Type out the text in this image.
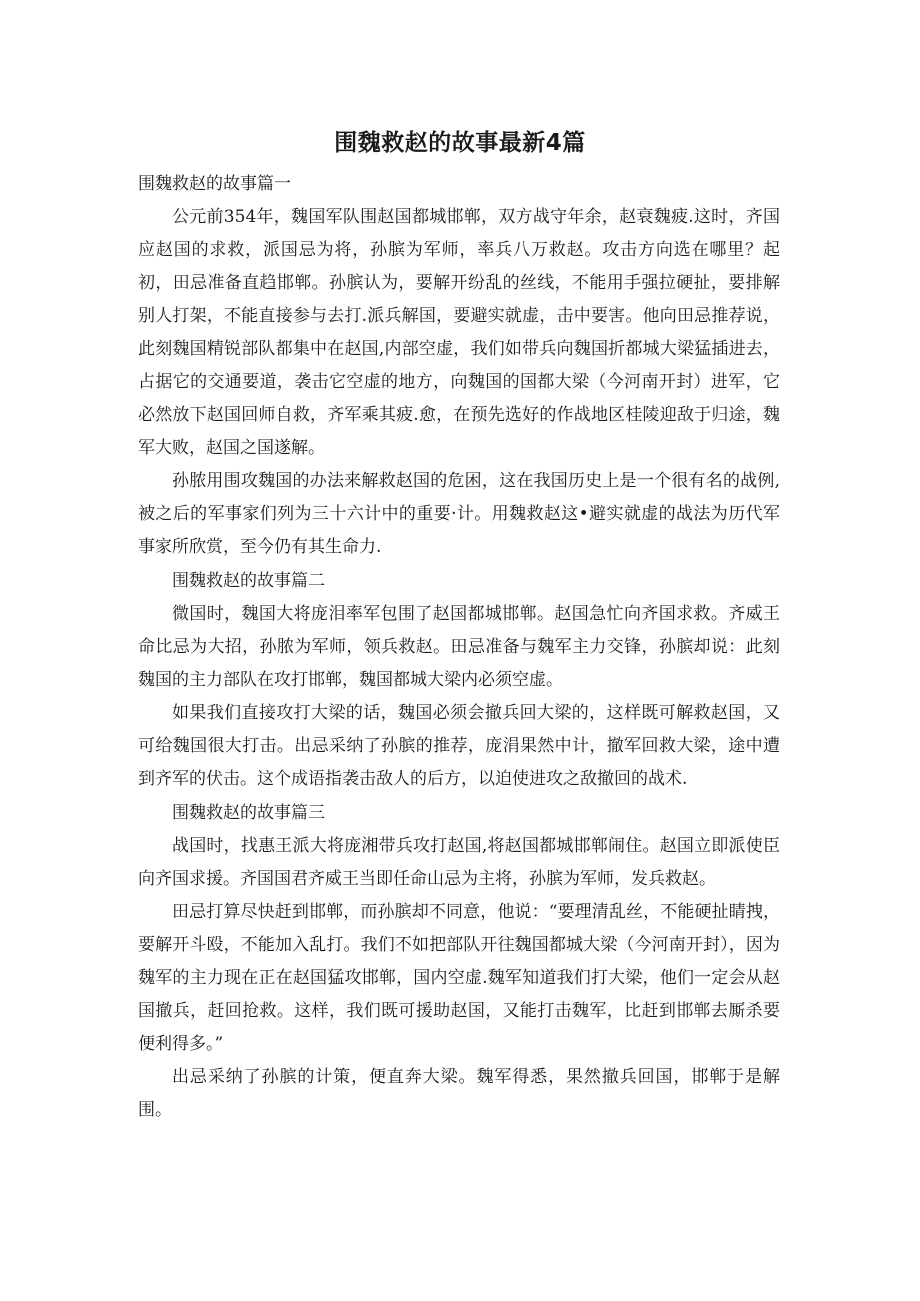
围魏救赵的故事最新4篇

围魏救赵的故事篇一

公元前354年，魏国军队围赵国都城邯郸，双方战守年余，赵衰魏疲.这时，齐国应赵国的求救，派国忌为将，孙膑为军师，率兵八万救赵。攻击方向选在哪里？起初，田忌准备直趋邯郸。孙膑认为，要解开纷乱的丝线，不能用手强拉硬扯，要排解别人打架，不能直接参与去打.派兵解国，要避实就虚，击中要害。他向田忌推荐说，此刻魏国精锐部队都集中在赵国,内部空虚，我们如带兵向魏国折都城大梁猛插进去，占据它的交通要道，袭击它空虚的地方，向魏国的国都大梁（今河南开封）进军，它必然放下赵国回师自救，齐军乘其疲.愈，在预先选好的作战地区桂陵迎敌于归途，魏军大败，赵国之国遂解。

孙脓用围攻魏国的办法来解救赵国的危困，这在我国历史上是一个很有名的战例,被之后的军事家们列为三十六计中的重要·计。用魏救赵这•避实就虚的战法为历代军事家所欣赏，至今仍有其生命力.

围魏救赵的故事篇二

微国时，魏国大将庞泪率军包围了赵国都城邯郸。赵国急忙向齐国求救。齐威王命比忌为大招，孙脓为军师，领兵救赵。田忌准备与魏军主力交锋，孙膑却说：此刻魏国的主力部队在攻打邯郸，魏国都城大梁内必须空虚。

如果我们直接攻打大梁的话，魏国必须会撤兵回大梁的，这样既可解救赵国，又可给魏国很大打击。出忌采纳了孙膑的推荐，庞涓果然中计，撤军回救大梁，途中遭到齐军的伏击。这个成语指袭击敌人的后方，以迫使进攻之敌撤回的战术.

围魏救赵的故事篇三

战国时，找惠王派大将庞湘带兵攻打赵国,将赵国都城邯郸闹住。赵国立即派使臣向齐国求援。齐国国君齐威王当即任命山忌为主将，孙膑为军师，发兵救赵。

田忌打算尽快赶到邯郸，而孙膑却不同意，他说：“要理清乱丝，不能硬扯睛拽，要解开斗殴，不能加入乱打。我们不如把部队开往魏国都城大梁（今河南开封），因为魏军的主力现在正在赵国猛攻邯郸，国内空虚.魏军知道我们打大梁，他们一定会从赵国撤兵，赶回抢救。这样，我们既可援助赵国，又能打击魏军，比赶到邯郸去厮杀要便利得多。”

出忌采纳了孙膑的计策，便直奔大梁。魏军得悉，果然撤兵回国，邯郸于是解围。
